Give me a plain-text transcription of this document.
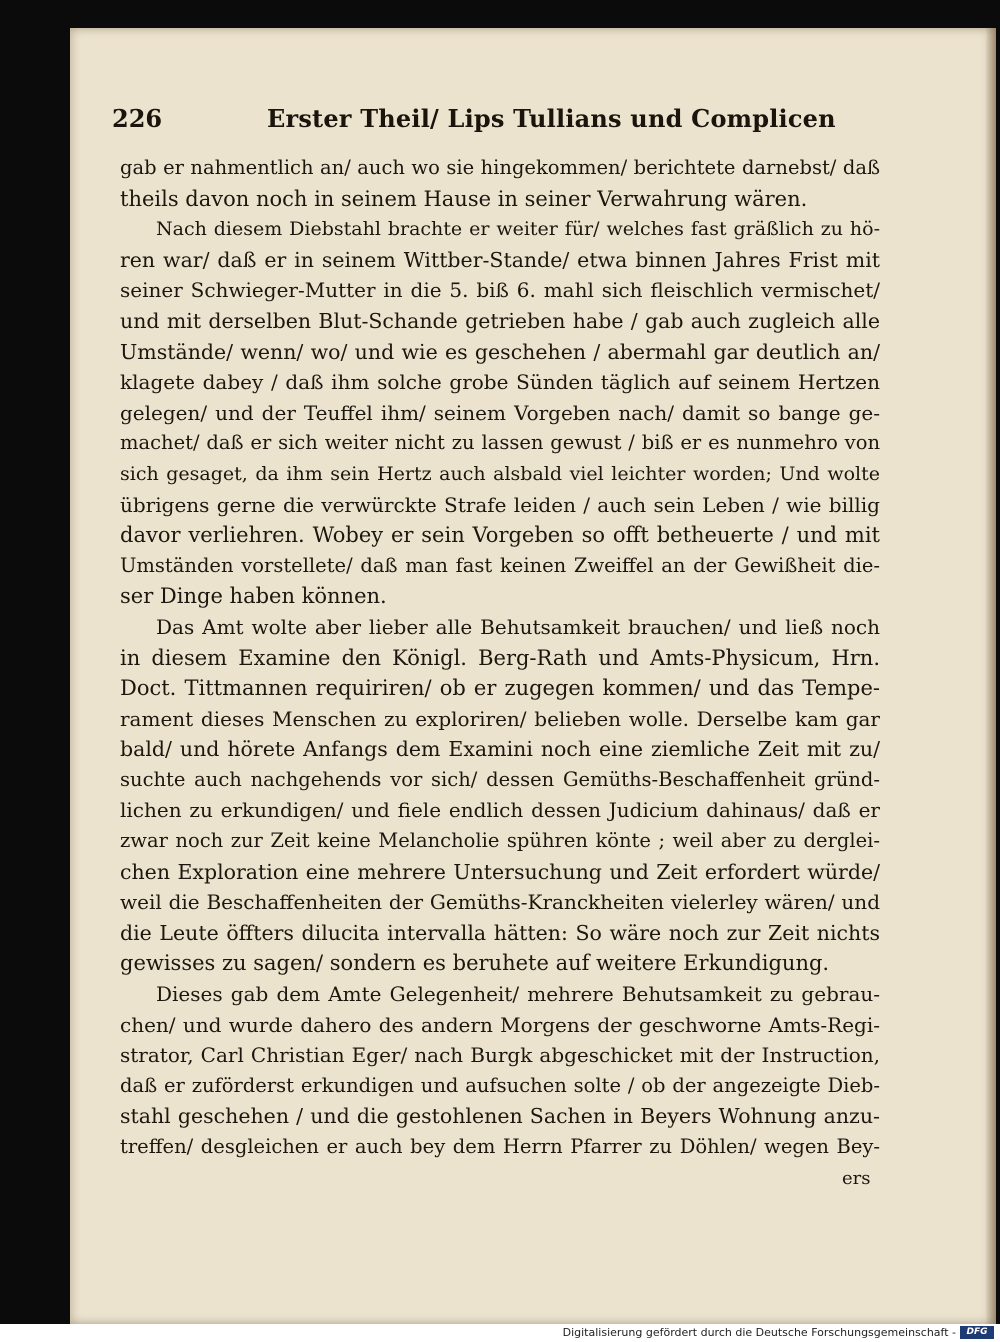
226	Erster Theil/ Lips Tullians und Complicen
gab er nahmentlich an/ auch wo sie hingekommen/ berichtete darnebst/ daß
theils davon noch in seinem Hause in seiner Verwahrung wären.
Nach diesem Diebstahl brachte er weiter für/ welches fast gräßlich zu hö-
ren war/ daß er in seinem Wittber-Stande/ etwa binnen Jahres Frist mit
seiner Schwieger-Mutter in die 5. biß 6. mahl sich fleischlich vermischet/
und mit derselben Blut-Schande getrieben habe / gab auch zugleich alle
Umstände/ wenn/ wo/ und wie es geschehen / abermahl gar deutlich an/
klagete dabey / daß ihm solche grobe Sünden täglich auf seinem Hertzen
gelegen/ und der Teuffel ihm/ seinem Vorgeben nach/ damit so bange ge-
machet/ daß er sich weiter nicht zu lassen gewust / biß er es nunmehro von
sich gesaget, da ihm sein Hertz auch alsbald viel leichter worden; Und wolte
übrigens gerne die verwürckte Strafe leiden / auch sein Leben / wie billig
davor verliehren. Wobey er sein Vorgeben so offt betheuerte / und mit
Umständen vorstellete/ daß man fast keinen Zweiffel an der Gewißheit die-
ser Dinge haben können.
Das Amt wolte aber lieber alle Behutsamkeit brauchen/ und ließ noch
in diesem Examine den Königl. Berg-Rath und Amts-Physicum, Hrn.
Doct. Tittmannen requiriren/ ob er zugegen kommen/ und das Tempe-
rament dieses Menschen zu exploriren/ belieben wolle. Derselbe kam gar
bald/ und hörete Anfangs dem Examini noch eine ziemliche Zeit mit zu/
suchte auch nachgehends vor sich/ dessen Gemüths-Beschaffenheit gründ-
lichen zu erkundigen/ und fiele endlich dessen Judicium dahinaus/ daß er
zwar noch zur Zeit keine Melancholie spühren könte ; weil aber zu derglei-
chen Exploration eine mehrere Untersuchung und Zeit erfordert würde/
weil die Beschaffenheiten der Gemüths-Kranckheiten vielerley wären/ und
die Leute öffters dilucita intervalla hätten: So wäre noch zur Zeit nichts
gewisses zu sagen/ sondern es beruhete auf weitere Erkundigung.
Dieses gab dem Amte Gelegenheit/ mehrere Behutsamkeit zu gebrau-
chen/ und wurde dahero des andern Morgens der geschworne Amts-Regi-
strator, Carl Christian Eger/ nach Burgk abgeschicket mit der Instruction,
daß er zuförderst erkundigen und aufsuchen solte / ob der angezeigte Dieb-
stahl geschehen / und die gestohlenen Sachen in Beyers Wohnung anzu-
treffen/ desgleichen er auch bey dem Herrn Pfarrer zu Döhlen/ wegen Bey-
ers
Digitalisierung gefördert durch die Deutsche Forschungsgemeinschaft -	DFG
